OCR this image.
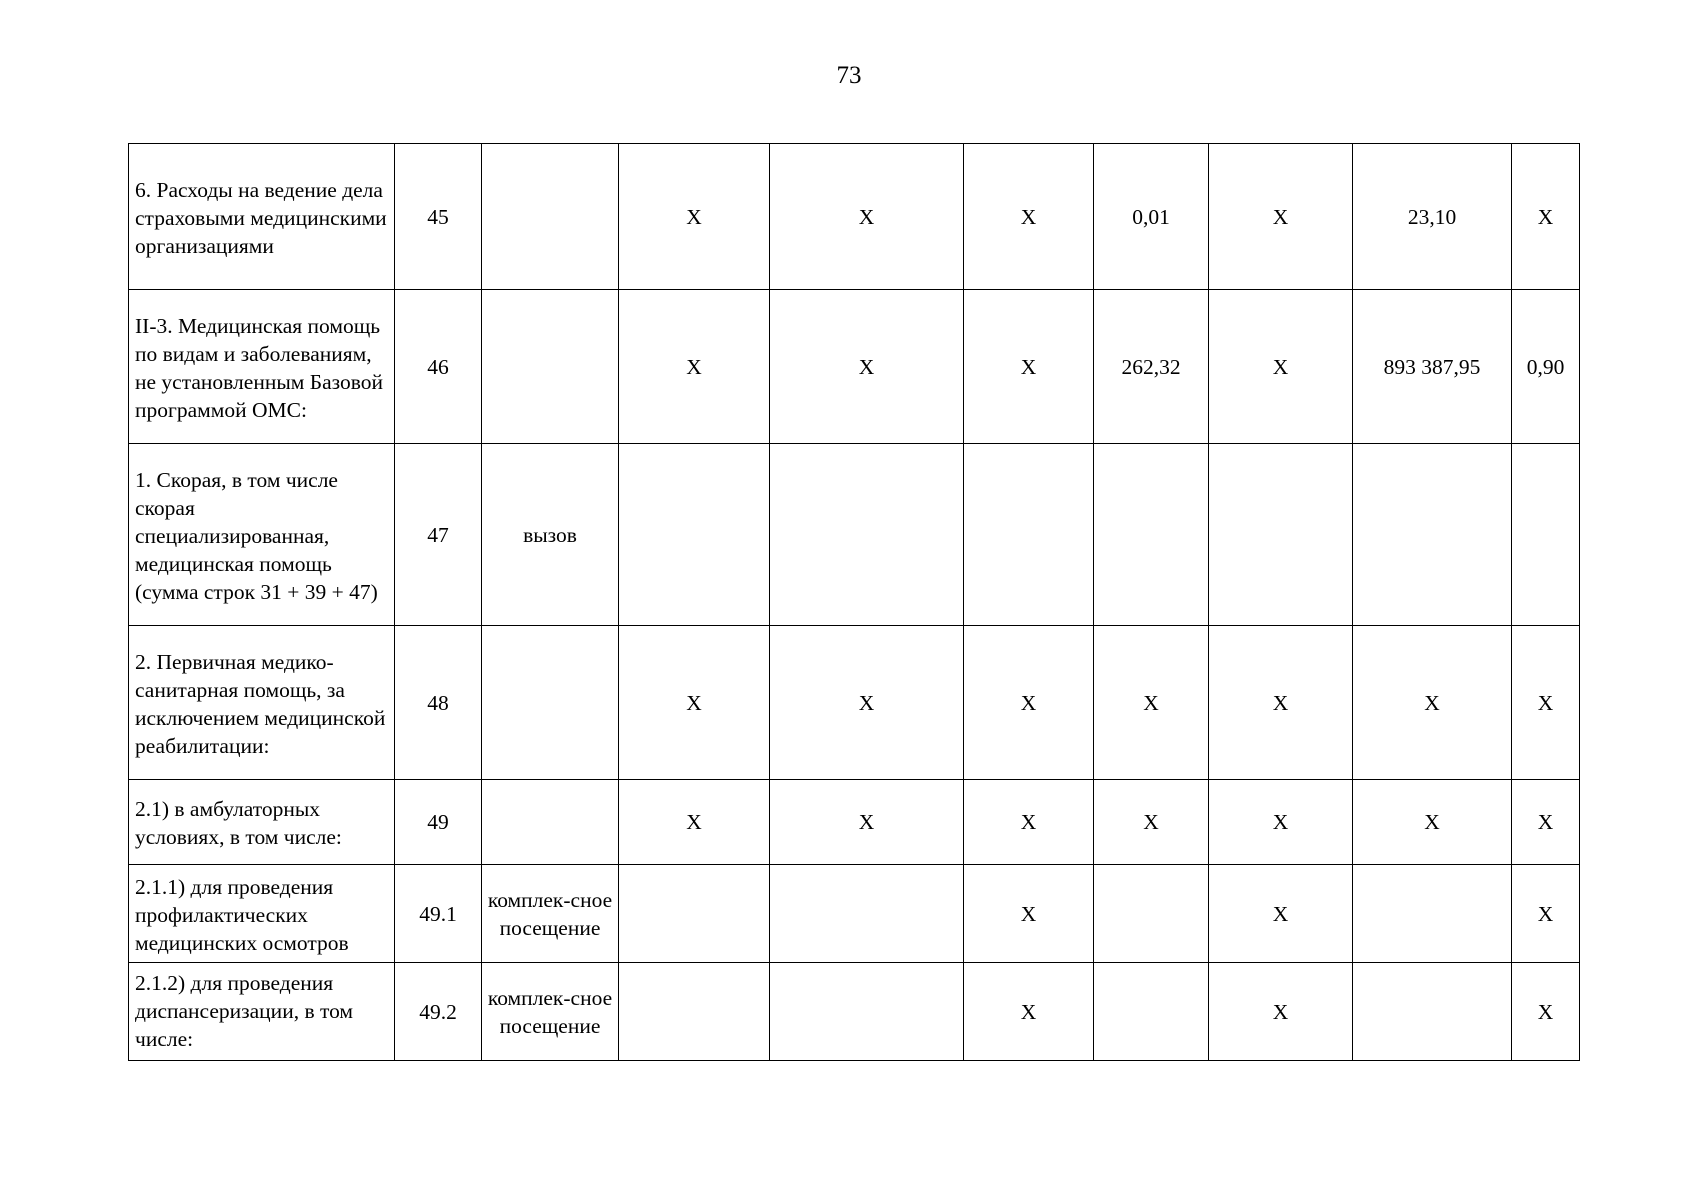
73
6. Расходы на ведение дела страховыми медицинскими организациями	45		X	X	X	0,01	X	23,10	X
II-3. Медицинская помощь по видам и заболеваниям, не установленным Базовой программой ОМС:	46		X	X	X	262,32	X	893 387,95	0,90
1. Скорая, в том числе скорая специализированная, медицинская помощь (сумма строк 31 + 39 + 47)	47	вызов							
2. Первичная медико-санитарная помощь, за исключением медицинской реабилитации:	48		X	X	X	X	X	X	X
2.1) в амбулаторных условиях, в том числе:	49		X	X	X	X	X	X	X
2.1.1) для проведения профилактических медицинских осмотров	49.1	комплек-сное посещение			X		X		X
2.1.2) для проведения диспансеризации, в том числе:	49.2	комплек-сное посещение			X		X		X
